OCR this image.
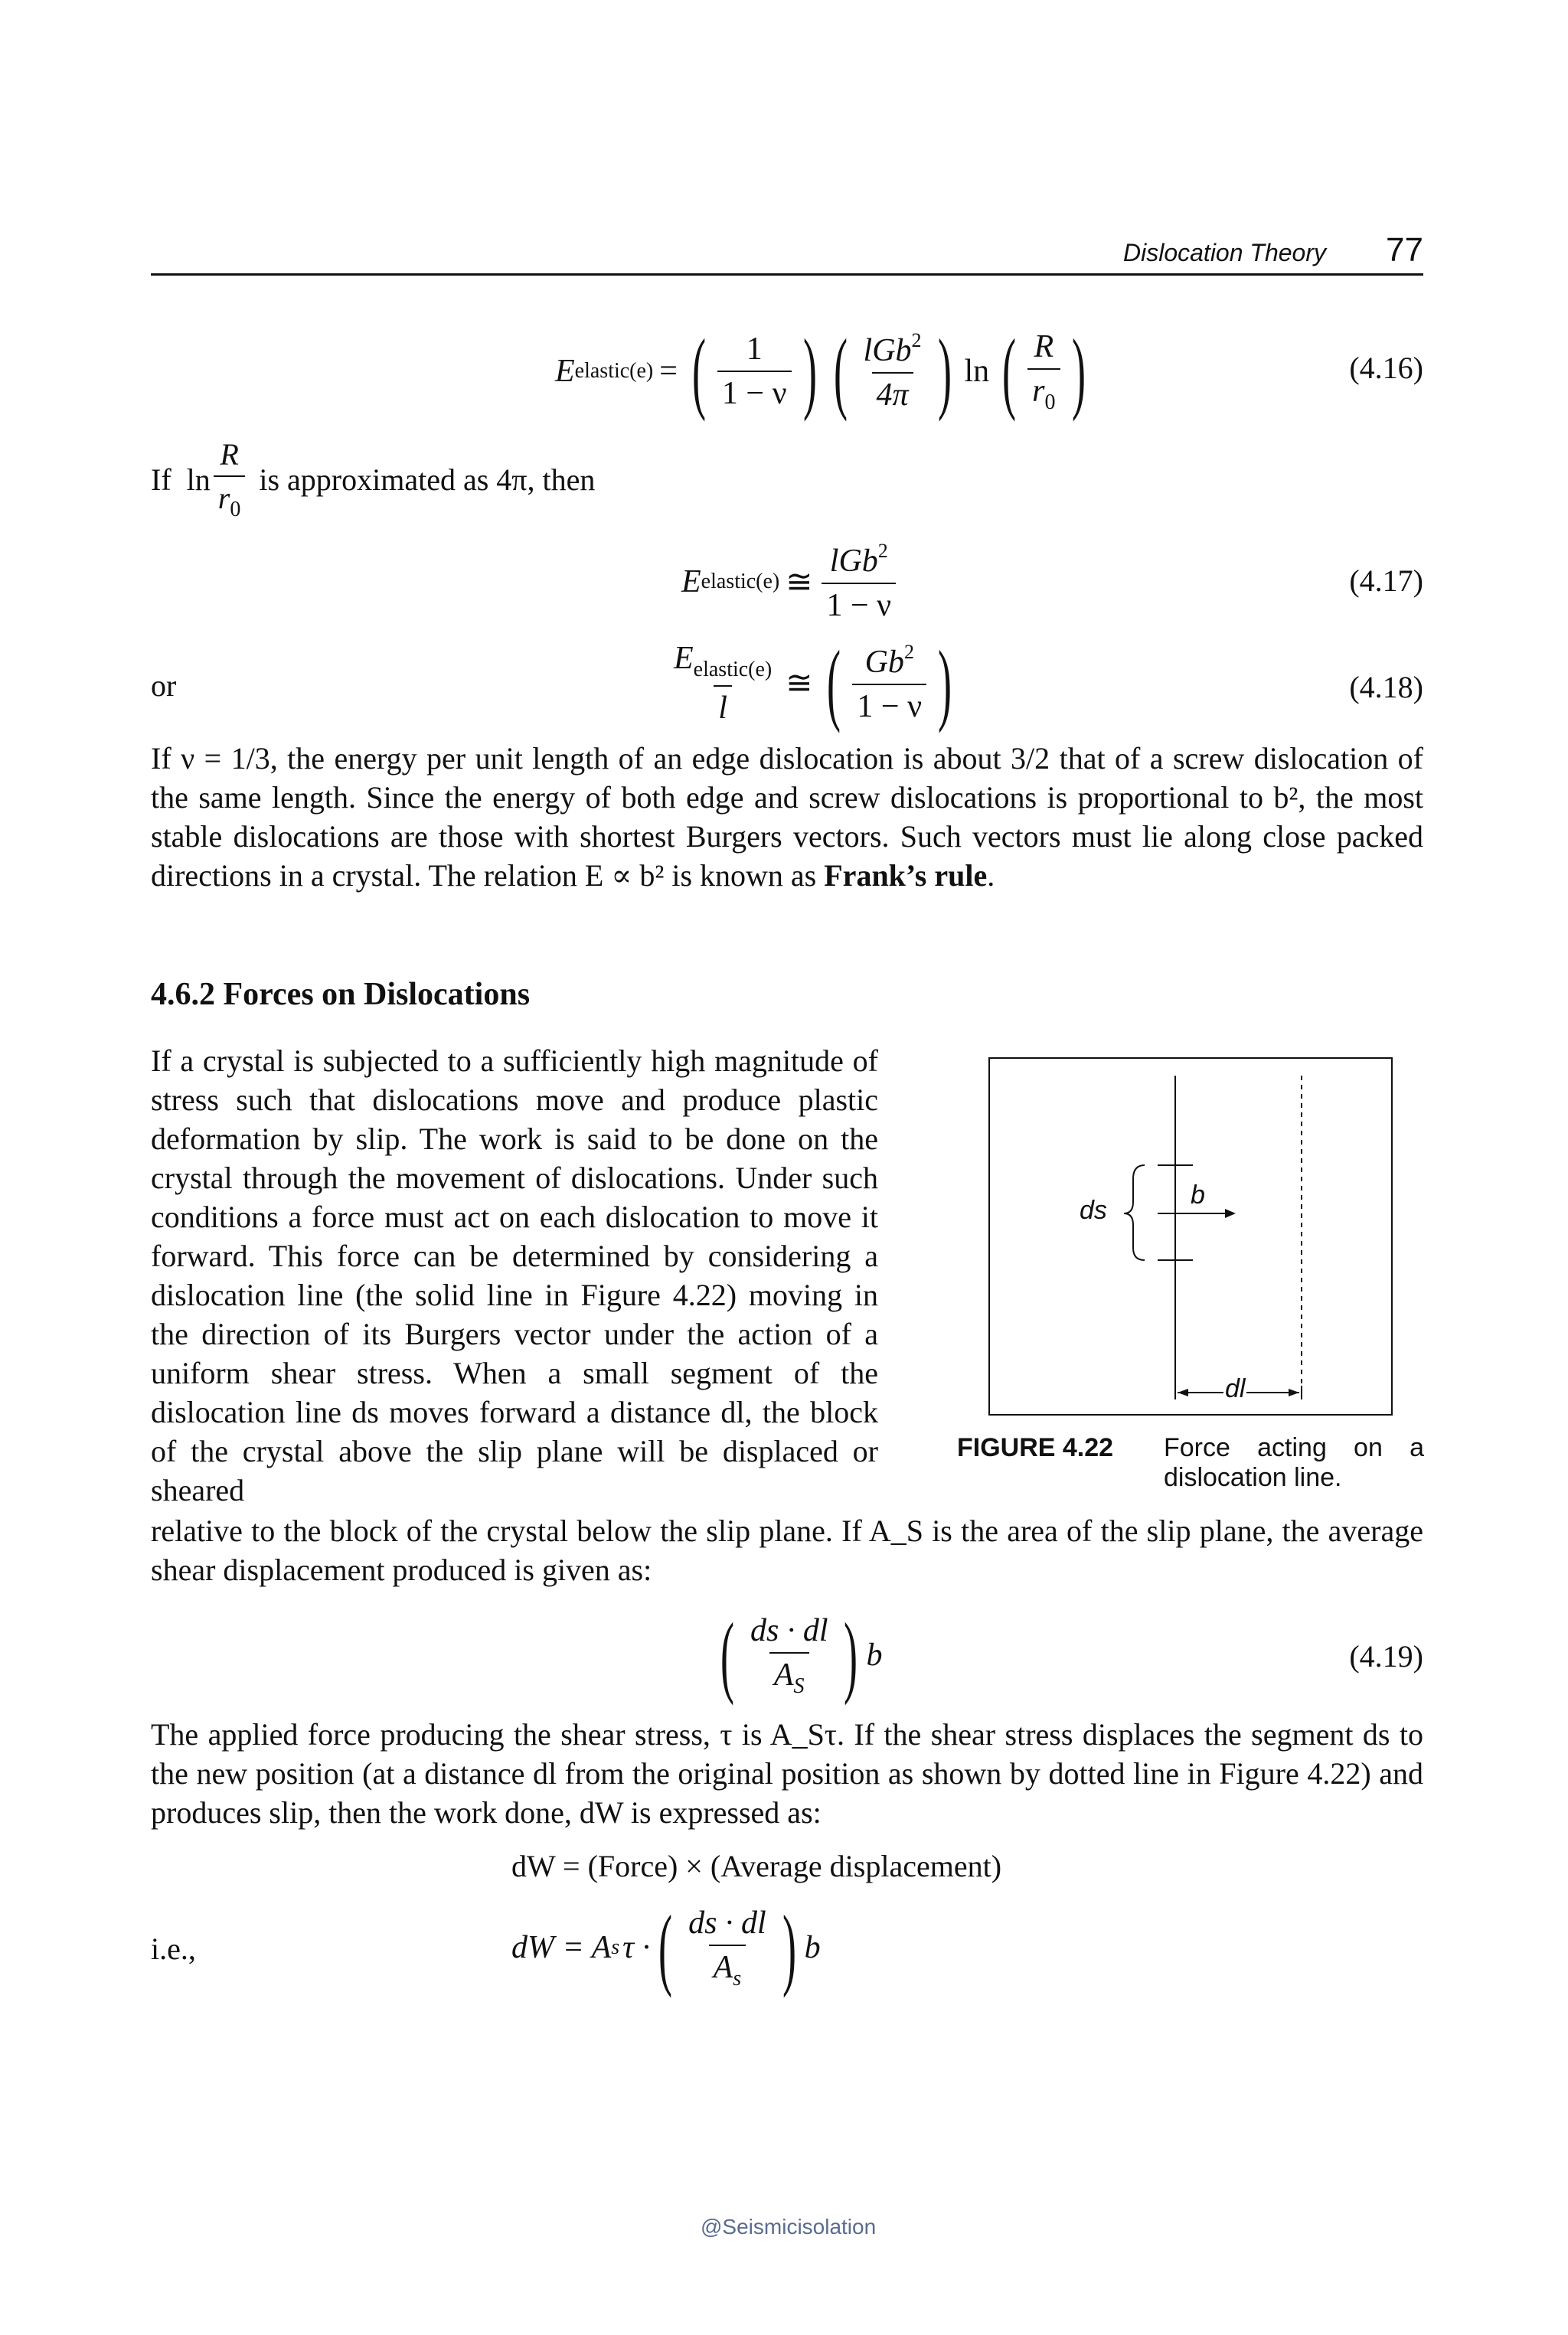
Dislocation Theory 77
E elastic(e) = ( $\frac{1}{1 - \nu}$ ) ( $\frac{lGb^2}{4\pi}$ ) ln ( $\frac{R}{r_0}$ )	(4.16)
If $\ln \frac{R}{r_0}$ is approximated as 4π, then
E elastic(e) ≅ $\frac{lGb^2}{1 - \nu}$	(4.17)
or	$\frac{E_{elastic(e)}}{l}$ ≅ ( $\frac{Gb^2}{1 - \nu}$ )	(4.18)
If ν = 1/3, the energy per unit length of an edge dislocation is about 3/2 that of a screw dislocation of the same length. Since the energy of both edge and screw dislocations is proportional to b², the most stable dislocations are those with shortest Burgers vectors. Such vectors must lie along close packed directions in a crystal. The relation E ∝ b² is known as Frank’s rule.
4.6.2 Forces on Dislocations
If a crystal is subjected to a sufficiently high magnitude of stress such that dislocations move and produce plastic deformation by slip. The work is said to be done on the crystal through the movement of dislocations. Under such conditions a force must act on each dislocation to move it forward. This force can be determined by considering a dislocation line (the solid line in Figure 4.22) moving in the direction of its Burgers vector under the action of a uniform shear stress. When a small segment of the dislocation line ds moves forward a distance dl, the block of the crystal above the slip plane will be displaced or sheared
ds
b
dl
FIGURE 4.22	Force acting on a
dislocation line.
relative to the block of the crystal below the slip plane. If A_S is the area of the slip plane, the average shear displacement produced is given as:
( $\frac{ds \cdot dl}{A_S}$ ) b	(4.19)
The applied force producing the shear stress, τ is A_Sτ. If the shear stress displaces the segment ds to the new position (at a distance dl from the original position as shown by dotted line in Figure 4.22) and produces slip, then the work done, dW is expressed as:
dW = (Force) × (Average displacement)
i.e.,	dW = A s τ · ( $\frac{ds \cdot dl}{A_s}$ ) b
@Seismicisolation
